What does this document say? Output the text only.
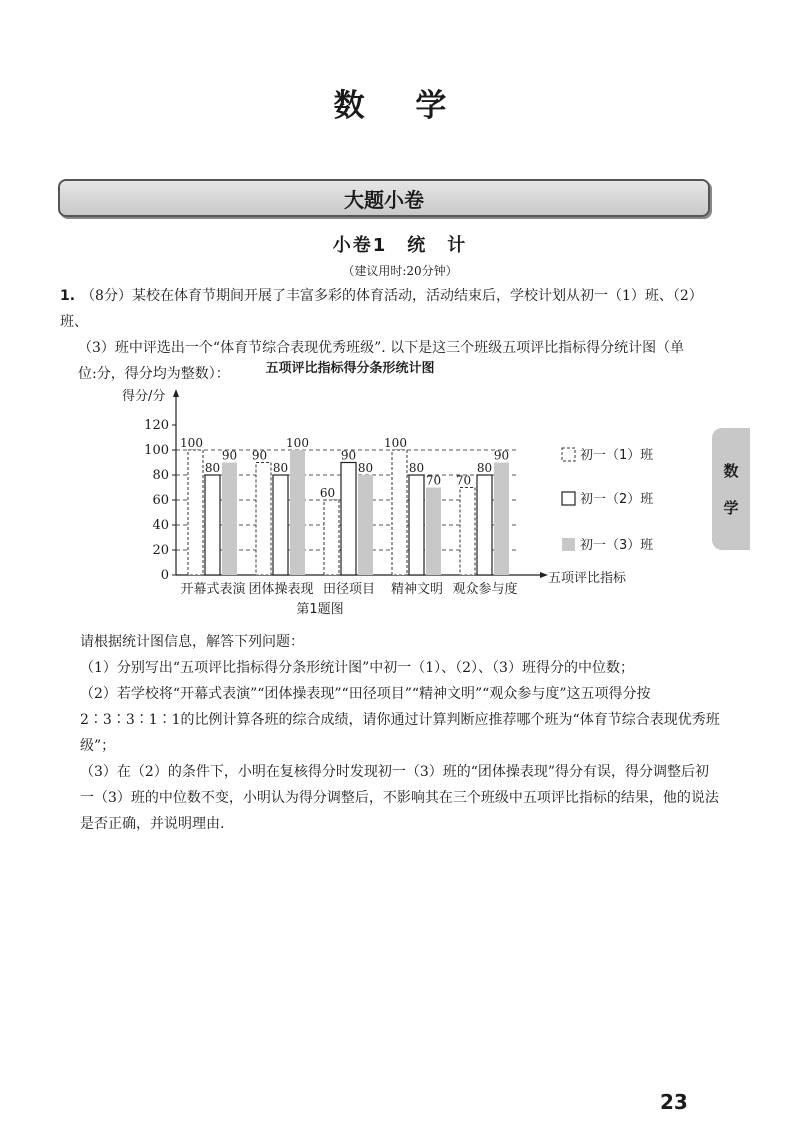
数 学
大题小卷
小卷1　统　计
（建议用时:20分钟）
1. （8分）某校在体育节期间开展了丰富多彩的体育活动，活动结束后，学校计划从初一（1）班、（2）班、
（3）班中评选出一个“体育节综合表现优秀班级”. 以下是这三个班级五项评比指标得分统计图（单
位:分，得分均为整数）：	五项评比指标得分条形统计图
得分/分
0
20
40
60
80
100
120
五项评比指标
100
80
90
开幕式表演
90
80
100
团体操表现
60
90
80
田径项目
100
80
70
精神文明
70
80
90
观众参与度
初一（1）班
初一（2）班
初一（3）班
第1题图

请根据统计图信息，解答下列问题：

（1）分别写出“五项评比指标得分条形统计图”中初一（1）、（2）、（3）班得分的中位数；

（2）若学校将“开幕式表演”“团体操表现”“田径项目”“精神文明”“观众参与度”这五项得分按2∶3∶3∶1∶1的比例计算各班的综合成绩，请你通过计算判断应推荐哪个班为“体育节综合表现优秀班级”；

（3）在（2）的条件下，小明在复核得分时发现初一（3）班的“团体操表现”得分有误，得分调整后初一（3）班的中位数不变，小明认为得分调整后，不影响其在三个班级中五项评比指标的结果，他的说法是否正确，并说明理由.

数
学
23
